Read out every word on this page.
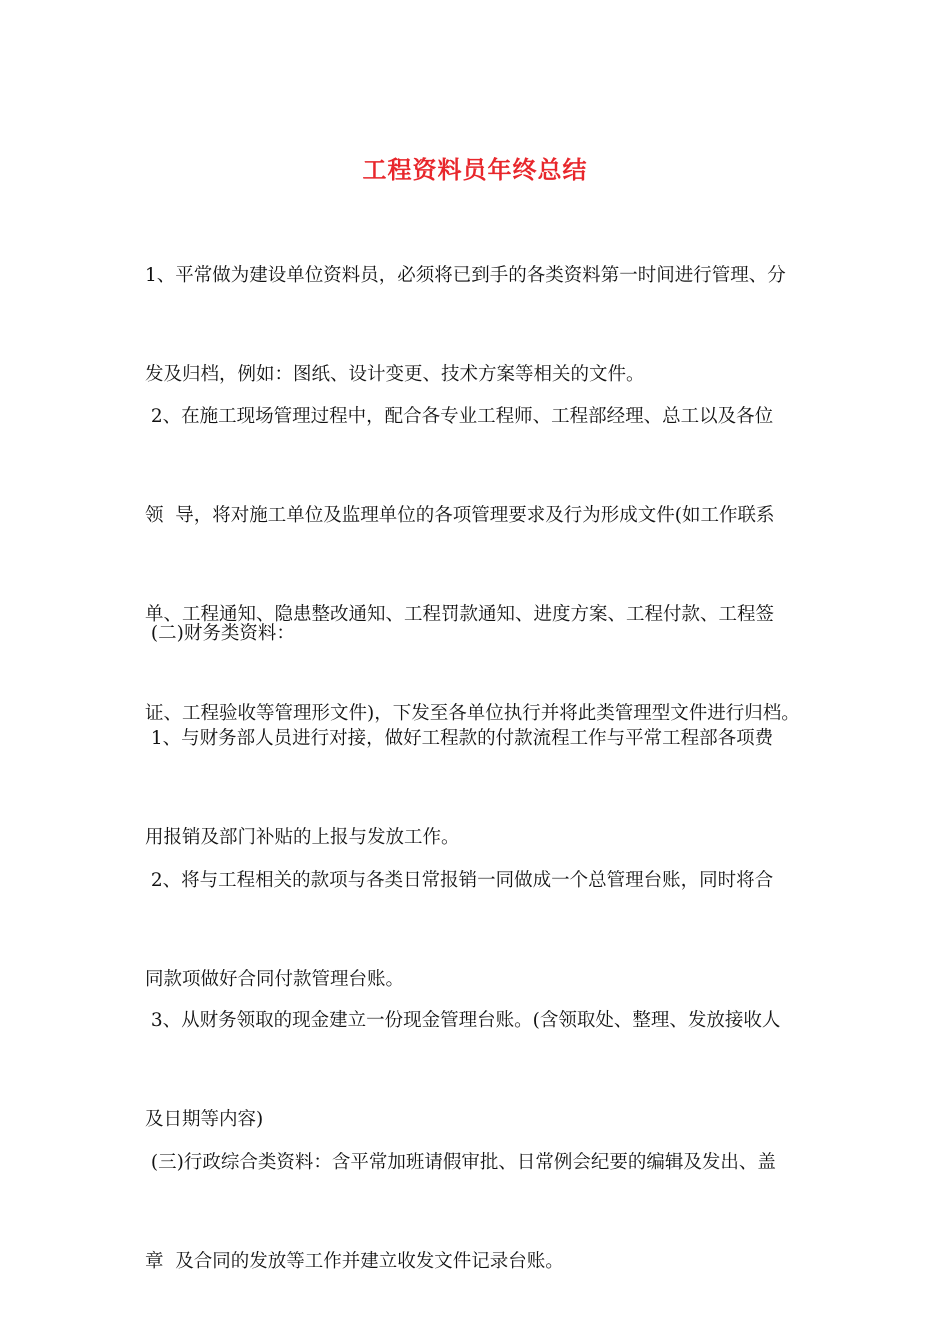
工程资料员年终总结

1、平常做为建设单位资料员，必须将已到手的各类资料第一时间进行管理、分

发及归档，例如：图纸、设计变更、技术方案等相关的文件。

2、在施工现场管理过程中，配合各专业工程师、工程部经理、总工以及各位

领  导，将对施工单位及监理单位的各项管理要求及行为形成文件(如工作联系

单、工程通知、隐患整改通知、工程罚款通知、进度方案、工程付款、工程签

证、工程验收等管理形文件)，下发至各单位执行并将此类管理型文件进行归档。

(二)财务类资料：

1、与财务部人员进行对接，做好工程款的付款流程工作与平常工程部各项费

用报销及部门补贴的上报与发放工作。

2、将与工程相关的款项与各类日常报销一同做成一个总管理台账，同时将合

同款项做好合同付款管理台账。

3、从财务领取的现金建立一份现金管理台账。(含领取处、整理、发放接收人

及日期等内容)

(三)行政综合类资料：含平常加班请假审批、日常例会纪要的编辑及发出、盖

章  及合同的发放等工作并建立收发文件记录台账。
